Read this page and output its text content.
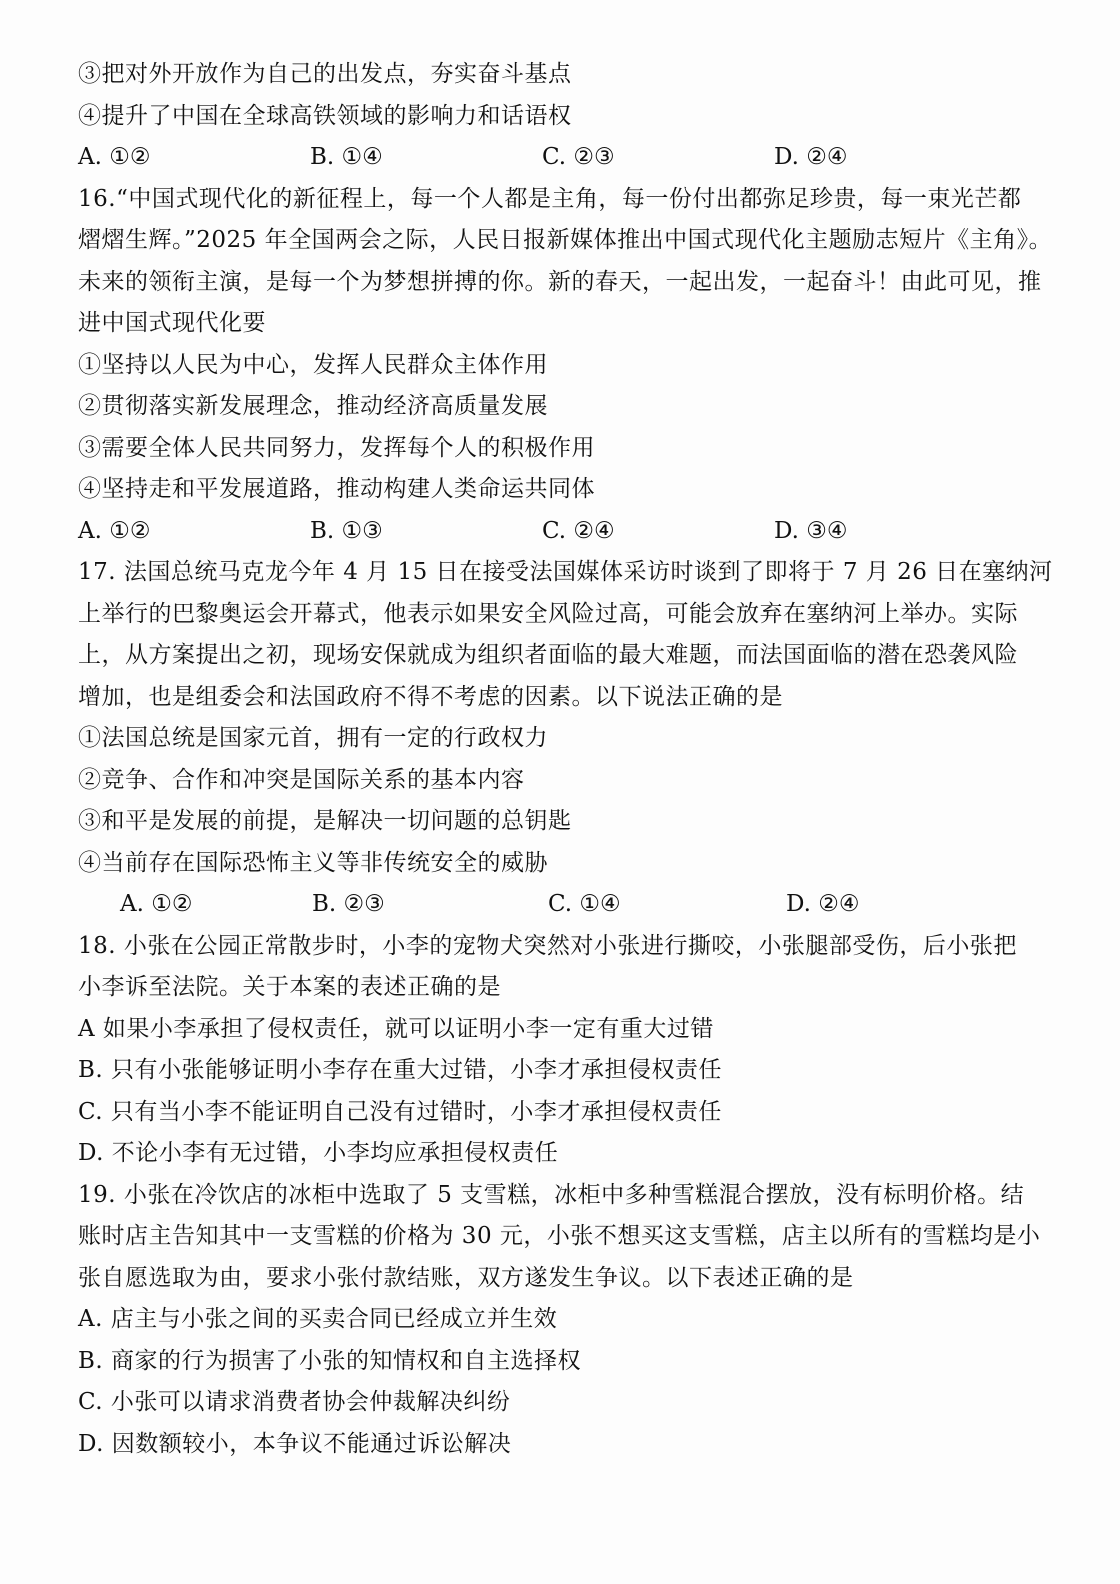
③把对外开放作为自己的出发点，夯实奋斗基点
④提升了中国在全球高铁领域的影响力和话语权
A. ①②	B. ①④	C. ②③	D. ②④
16.“中国式现代化的新征程上，每一个人都是主角，每一份付出都弥足珍贵，每一束光芒都
熠熠生辉。”2025 年全国两会之际，人民日报新媒体推出中国式现代化主题励志短片《主角》。
未来的领衔主演，是每一个为梦想拼搏的你。新的春天，一起出发，一起奋斗！由此可见，推
进中国式现代化要
①坚持以人民为中心，发挥人民群众主体作用
②贯彻落实新发展理念，推动经济高质量发展
③需要全体人民共同努力，发挥每个人的积极作用
④坚持走和平发展道路，推动构建人类命运共同体
A. ①②	B. ①③	C. ②④	D. ③④
17. 法国总统马克龙今年 4 月 15 日在接受法国媒体采访时谈到了即将于 7 月 26 日在塞纳河
上举行的巴黎奥运会开幕式，他表示如果安全风险过高，可能会放弃在塞纳河上举办。实际
上，从方案提出之初，现场安保就成为组织者面临的最大难题，而法国面临的潜在恐袭风险
增加，也是组委会和法国政府不得不考虑的因素。以下说法正确的是
①法国总统是国家元首，拥有一定的行政权力
②竞争、合作和冲突是国际关系的基本内容
③和平是发展的前提，是解决一切问题的总钥匙
④当前存在国际恐怖主义等非传统安全的威胁
A. ①②	B. ②③	C. ①④	D. ②④
18. 小张在公园正常散步时，小李的宠物犬突然对小张进行撕咬，小张腿部受伤，后小张把
小李诉至法院。关于本案的表述正确的是
A 如果小李承担了侵权责任，就可以证明小李一定有重大过错
B. 只有小张能够证明小李存在重大过错，小李才承担侵权责任
C. 只有当小李不能证明自己没有过错时，小李才承担侵权责任
D. 不论小李有无过错，小李均应承担侵权责任
19. 小张在冷饮店的冰柜中选取了 5 支雪糕，冰柜中多种雪糕混合摆放，没有标明价格。结
账时店主告知其中一支雪糕的价格为 30 元，小张不想买这支雪糕，店主以所有的雪糕均是小
张自愿选取为由，要求小张付款结账，双方遂发生争议。以下表述正确的是
A. 店主与小张之间的买卖合同已经成立并生效
B. 商家的行为损害了小张的知情权和自主选择权
C. 小张可以请求消费者协会仲裁解决纠纷
D. 因数额较小，本争议不能通过诉讼解决
